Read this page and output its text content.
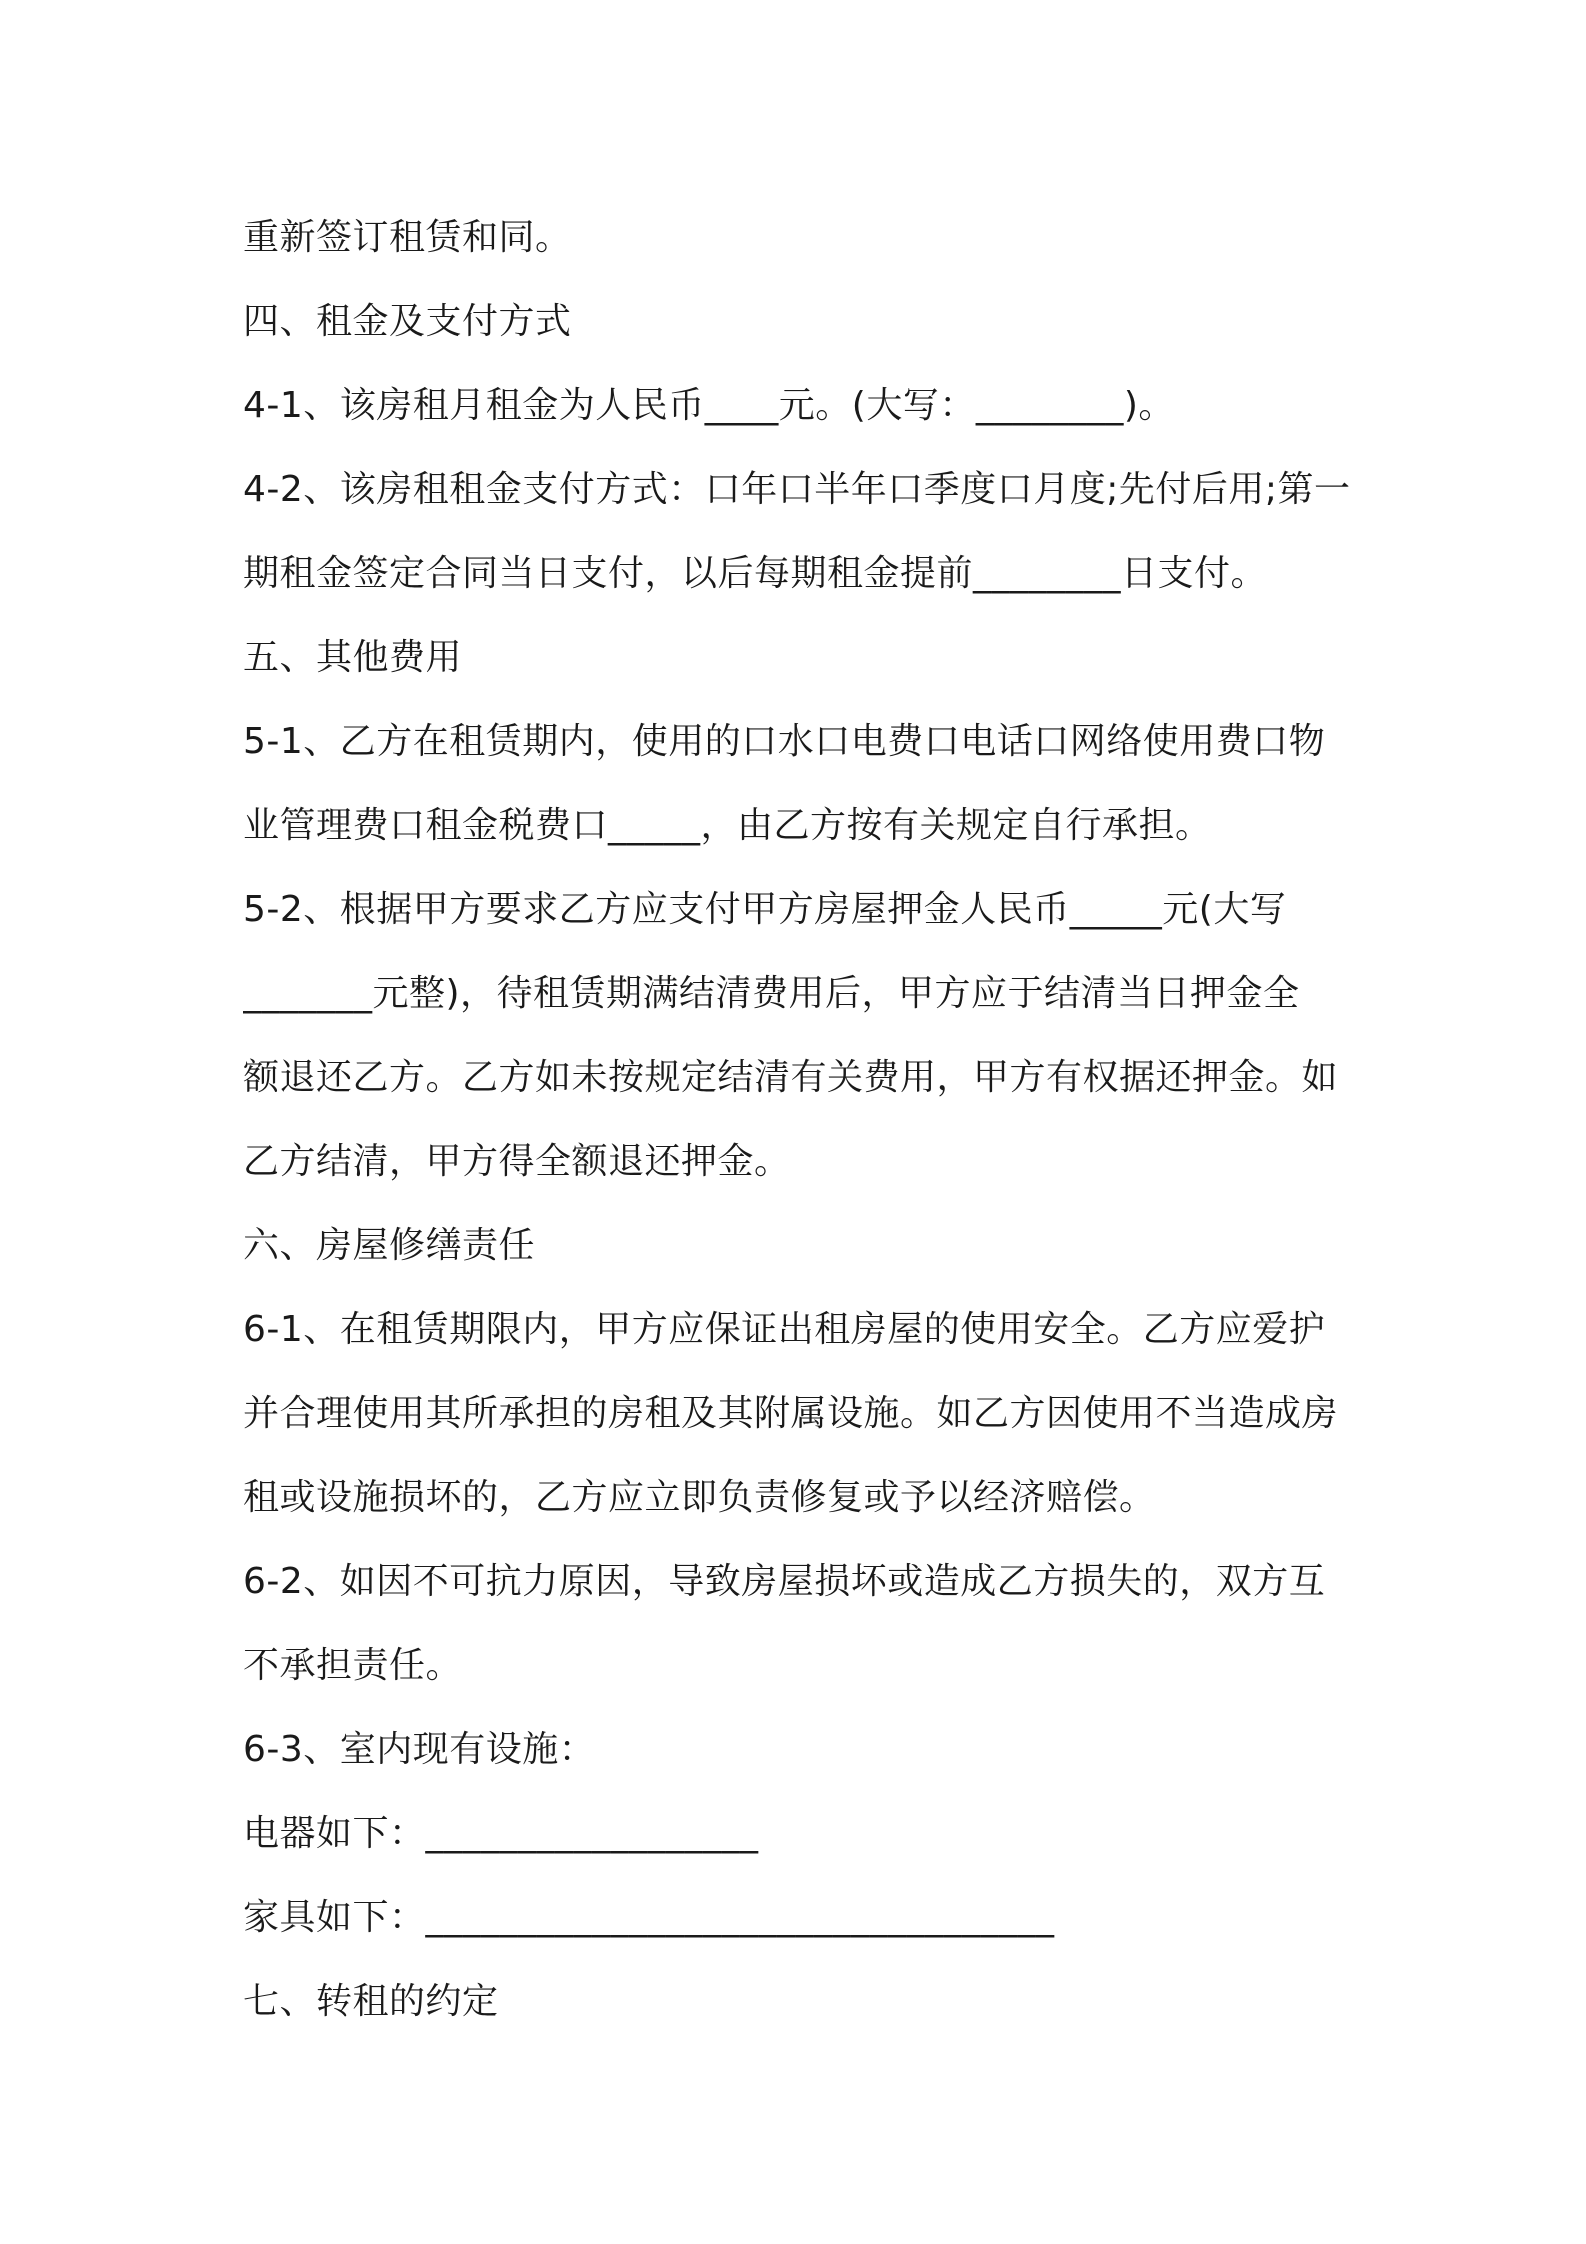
重新签订租赁和同。
四、租金及支付方式
4-1、该房租月租金为人民币____元。(大写：________)。
4-2、该房租租金支付方式：口年口半年口季度口月度;先付后用;第一
期租金签定合同当日支付，以后每期租金提前________日支付。
五、其他费用
5-1、乙方在租赁期内，使用的口水口电费口电话口网络使用费口物
业管理费口租金税费口_____，由乙方按有关规定自行承担。
5-2、根据甲方要求乙方应支付甲方房屋押金人民币_____元(大写
_______元整)，待租赁期满结清费用后，甲方应于结清当日押金全
额退还乙方。乙方如未按规定结清有关费用，甲方有权据还押金。如
乙方结清，甲方得全额退还押金。
六、房屋修缮责任
6-1、在租赁期限内，甲方应保证出租房屋的使用安全。乙方应爱护
并合理使用其所承担的房租及其附属设施。如乙方因使用不当造成房
租或设施损坏的，乙方应立即负责修复或予以经济赔偿。
6-2、如因不可抗力原因，导致房屋损坏或造成乙方损失的，双方互
不承担责任。
6-3、室内现有设施：
电器如下：__________________
家具如下：__________________________________
七、转租的约定
